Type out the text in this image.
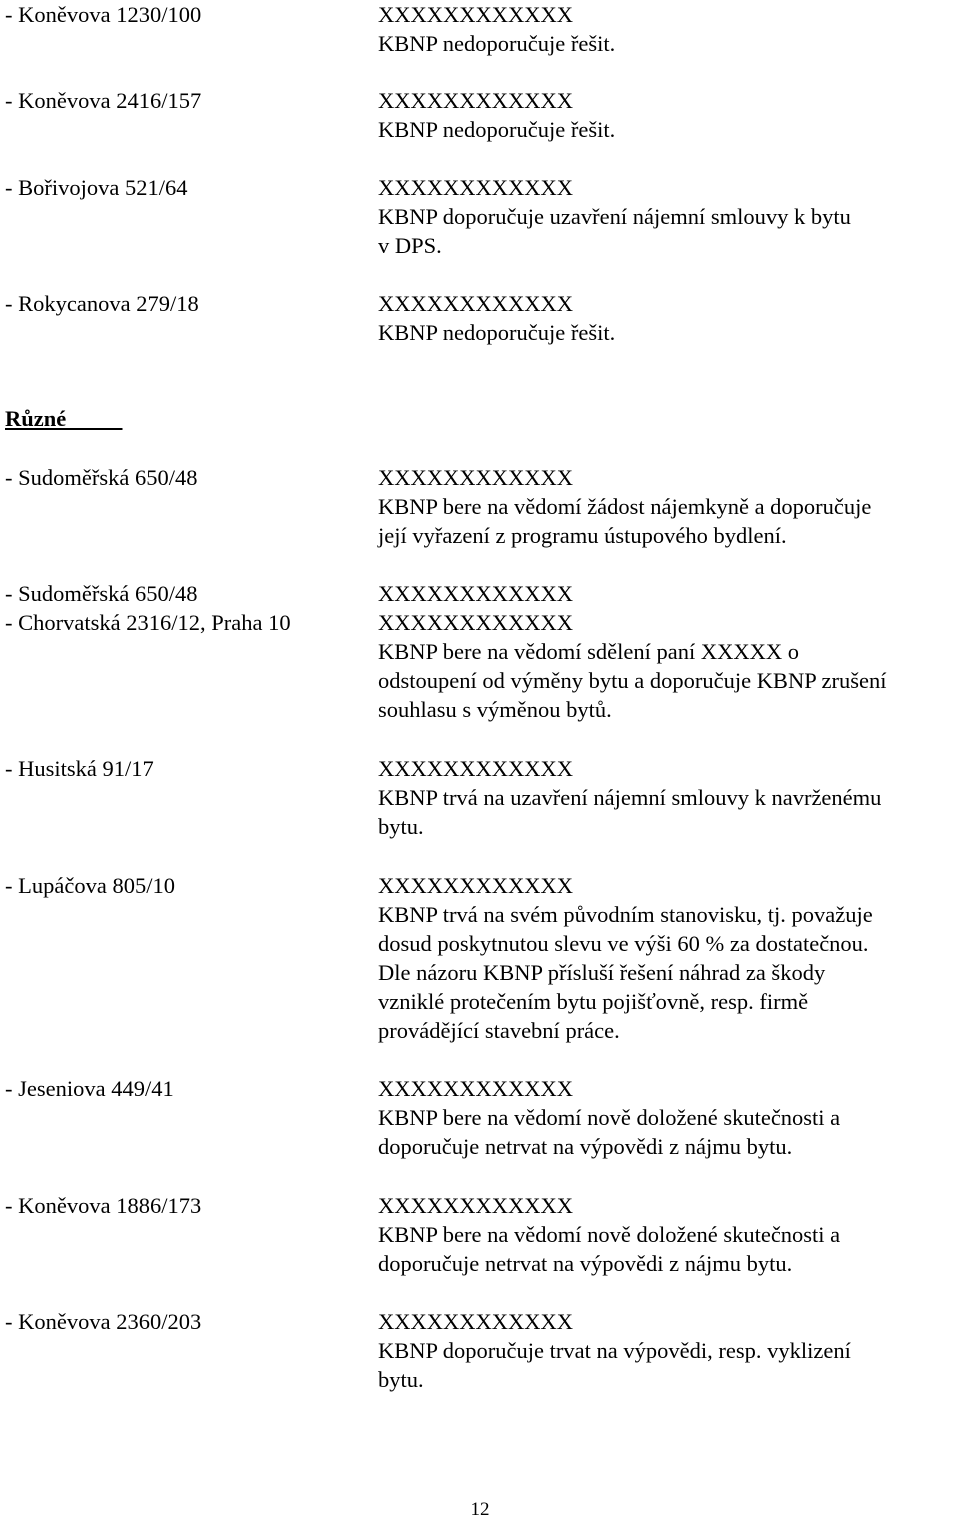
- Koněvova 1230/100	XXXXXXXXXXXX
KBNP nedoporučuje řešit.
- Koněvova 2416/157	XXXXXXXXXXXX
KBNP nedoporučuje řešit.
- Bořivojova 521/64	XXXXXXXXXXXX
KBNP doporučuje uzavření nájemní smlouvy k bytu
v DPS.
- Rokycanova 279/18	XXXXXXXXXXXX
KBNP nedoporučuje řešit.
Různé
- Sudoměřská 650/48	XXXXXXXXXXXX
KBNP bere na vědomí žádost nájemkyně a doporučuje
její vyřazení z programu ústupového bydlení.
- Sudoměřská 650/48	XXXXXXXXXXXX
- Chorvatská 2316/12, Praha 10	XXXXXXXXXXXX
KBNP bere na vědomí sdělení paní XXXXX o
odstoupení od výměny bytu a doporučuje KBNP zrušení
souhlasu s výměnou bytů.
- Husitská 91/17	XXXXXXXXXXXX
KBNP trvá na uzavření nájemní smlouvy k navrženému
bytu.
- Lupáčova 805/10	XXXXXXXXXXXX
KBNP trvá na svém původním stanovisku, tj. považuje
dosud poskytnutou slevu ve výši 60 % za dostatečnou.
Dle názoru KBNP přísluší řešení náhrad za škody
vzniklé protečením bytu pojišťovně, resp. firmě
provádějící stavební práce.
- Jeseniova 449/41	XXXXXXXXXXXX
KBNP bere na vědomí nově doložené skutečnosti a
doporučuje netrvat na výpovědi z nájmu bytu.
- Koněvova 1886/173	XXXXXXXXXXXX
KBNP bere na vědomí nově doložené skutečnosti a
doporučuje netrvat na výpovědi z nájmu bytu.
- Koněvova 2360/203	XXXXXXXXXXXX
KBNP doporučuje trvat na výpovědi, resp. vyklizení
bytu.
12
